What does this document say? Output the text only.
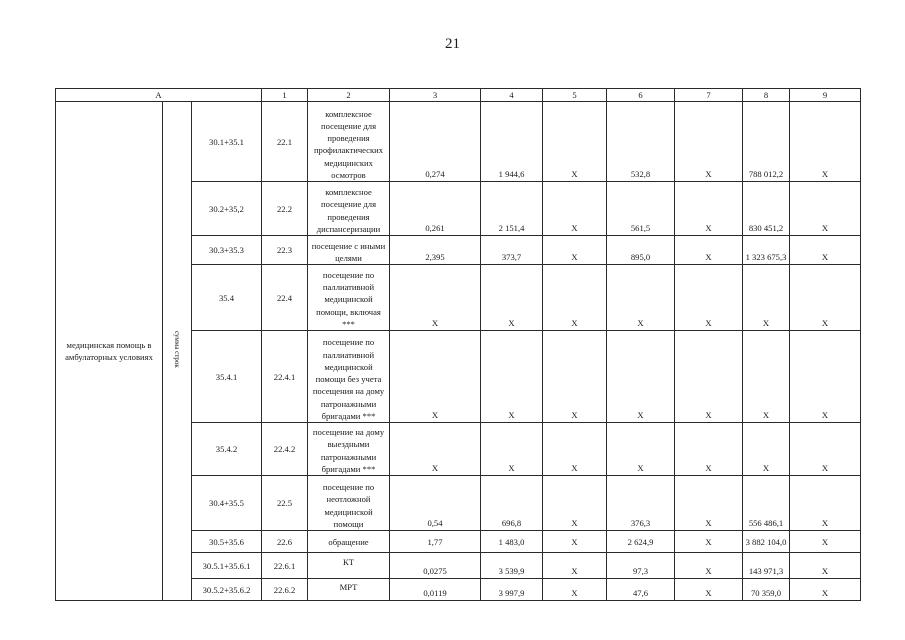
21
А			1	2	3	4	5	6	7	8	9
медицинская помощь в амбулаторных условиях	сумма строк	30.1+35.1	22.1	комплексное посещение для проведения профилактических медицинских осмотров	0,274	1 944,6	Х	532,8	Х	788 012,2	Х
		30.2+35,2	22.2	комплексное посещение для проведения диспансеризации	0,261	2 151,4	Х	561,5	Х	830 451,2	Х
		30.3+35.3	22.3	посещение с иными целями	2,395	373,7	Х	895,0	Х	1 323 675,3	Х
		35.4	22.4	посещение по паллиативной медицинской помощи, включая ***	Х	Х	Х	Х	Х	Х	Х
		35.4.1	22.4.1	посещение по паллиативной медицинской помощи без учета посещения на дому патронажными бригадами ***	Х	Х	Х	Х	Х	Х	Х
		35.4.2	22.4.2	посещение на дому выездными патронажными бригадами ***	Х	Х	Х	Х	Х	Х	Х
		30.4+35.5	22.5	посещение по неотложной медицинской помощи	0,54	696,8	Х	376,3	Х	556 486,1	Х
		30.5+35.6	22.6	обращение	1,77	1 483,0	Х	2 624,9	Х	3 882 104,0	Х
		30.5.1+35.6.1	22.6.1	КТ	0,0275	3 539,9	Х	97,3	Х	143 971,3	Х
		30.5.2+35.6.2	22.6.2	МРТ	0,0119	3 997,9	Х	47,6	Х	70 359,0	Х
